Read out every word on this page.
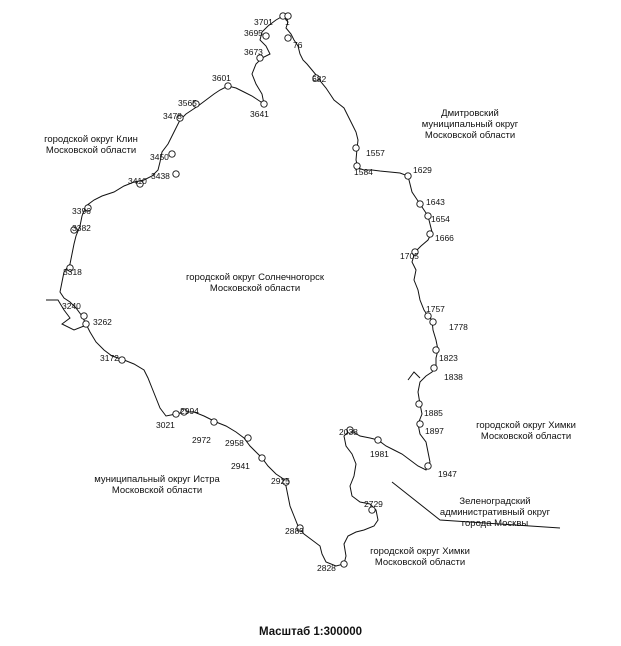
3701
76
682
1557
1584	1629
1643
1654
1666
1705
1757
1778
1823
1838
1885
1897
1947
1981
2038
2729
2828
2889
2925
2941
2958
2972
2994
3021
3172
3262
3240
3318
3382
3396
3410 3438
3450
3478
3565
3601
3641
3673
3695
1
городской округ Солнечногорск
Московской области
городской округ Клин
Московской области
Дмитровский
муниципальный округ
Московской области
городской округ Химки
Московской области
Зеленоградский
административный округ
города Москвы
муниципальный округ Истра
Московской области
городской округ Химки
Московской области
Масштаб 1:300000
